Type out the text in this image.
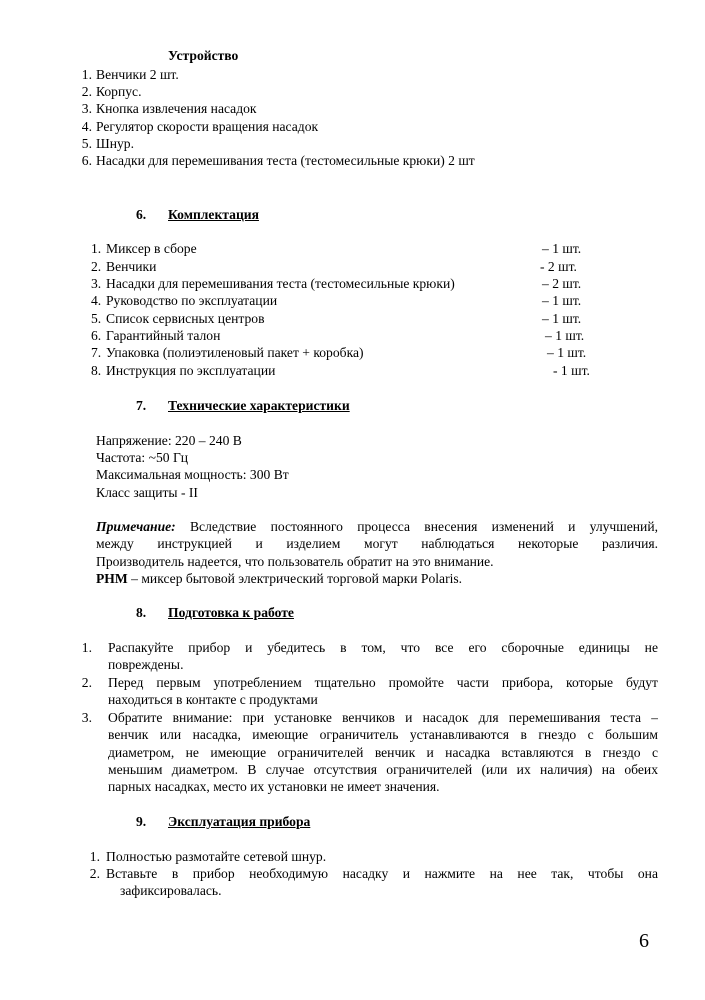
Устройство
1. Венчики 2 шт.
2. Корпус.
3. Кнопка извлечения насадок
4. Регулятор скорости вращения насадок
5. Шнур.
6. Насадки для перемешивания теста (тестомесильные крюки) 2 шт
6. Комплектация
1. Миксер в сборе	– 1 шт.
2. Венчики	- 2 шт.
3. Насадки для перемешивания теста (тестомесильные крюки)	– 2 шт.
4. Руководство по эксплуатации	– 1 шт.
5. Список сервисных центров	– 1 шт.
6. Гарантийный талон	– 1 шт.
7. Упаковка (полиэтиленовый пакет + коробка)	– 1 шт.
8. Инструкция по эксплуатации	- 1 шт.
7. Технические характеристики
Напряжение: 220 – 240 В
Частота: ~50 Гц
Максимальная мощность: 300 Вт
Класс защиты - II
Примечание: Вследствие постоянного процесса внесения изменений и улучшений,
между инструкцией и изделием могут наблюдаться некоторые различия.
Производитель надеется, что пользователь обратит на это внимание.
PHM – миксер бытовой электрический торговой марки Polaris.
8. Подготовка к работе
1. Распакуйте прибор и убедитесь в том, что все его сборочные единицы не
повреждены.
2. Перед первым употреблением тщательно промойте части прибора, которые будут
находиться в контакте с продуктами
3. Обратите внимание: при установке венчиков и насадок для перемешивания теста –
венчик или насадка, имеющие ограничитель устанавливаются в гнездо с большим
диаметром, не имеющие ограничителей венчик и насадка вставляются в гнездо с
меньшим диаметром. В случае отсутствия ограничителей (или их наличия) на обеих
парных насадках, место их установки не имеет значения.
9. Эксплуатация прибора
1. Полностью размотайте сетевой шнур.
2. Вставьте в прибор необходимую насадку и нажмите на нее так, чтобы она
зафиксировалась.
6
